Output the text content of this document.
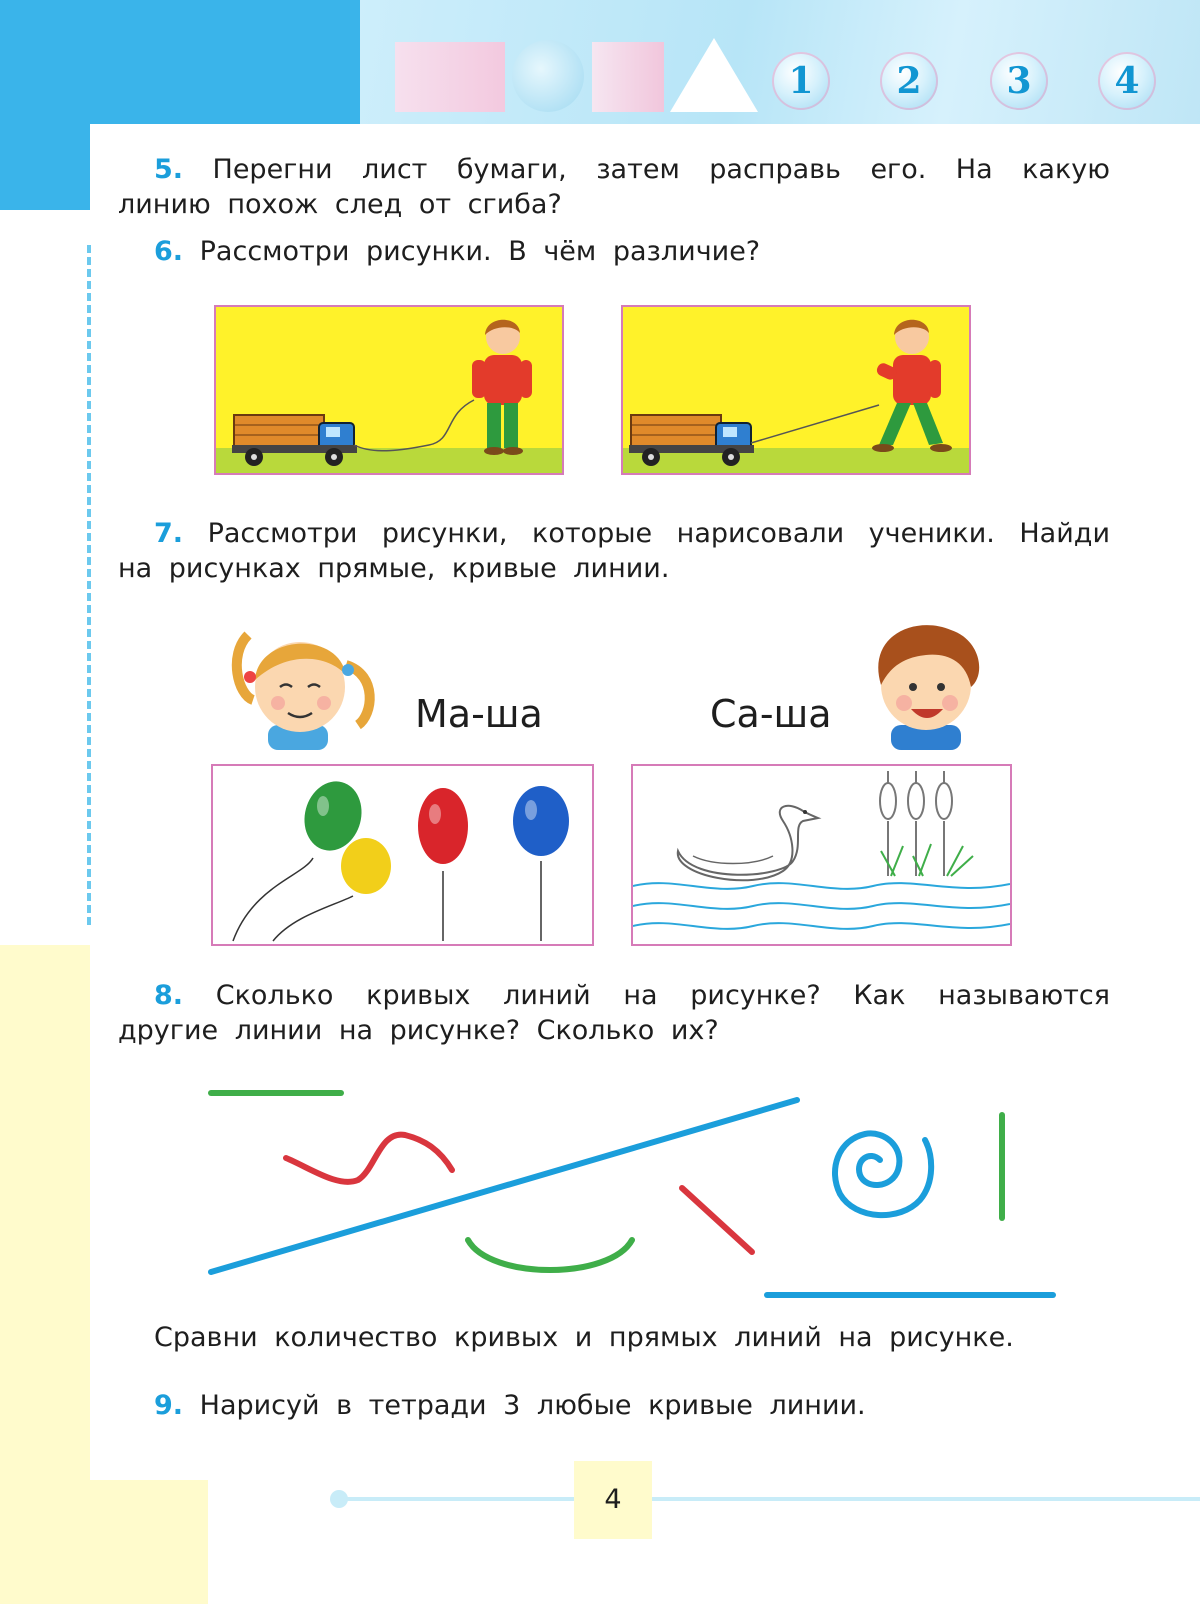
1	2	3	4
5. Перегни лист бумаги, затем расправь его. На какую линию похож след от сгиба?
6. Рассмотри рисунки. В чём различие?
7. Рассмотри рисунки, которые нарисовали ученики. Найди на рисунках прямые, кривые линии.
Ма-ша	Са-ша
8. Сколько кривых линий на рисунке? Как называются другие линии на рисунке? Сколько их?
Сравни количество кривых и прямых линий на рисунке.
9. Нарисуй в тетради 3 любые кривые линии.
4
